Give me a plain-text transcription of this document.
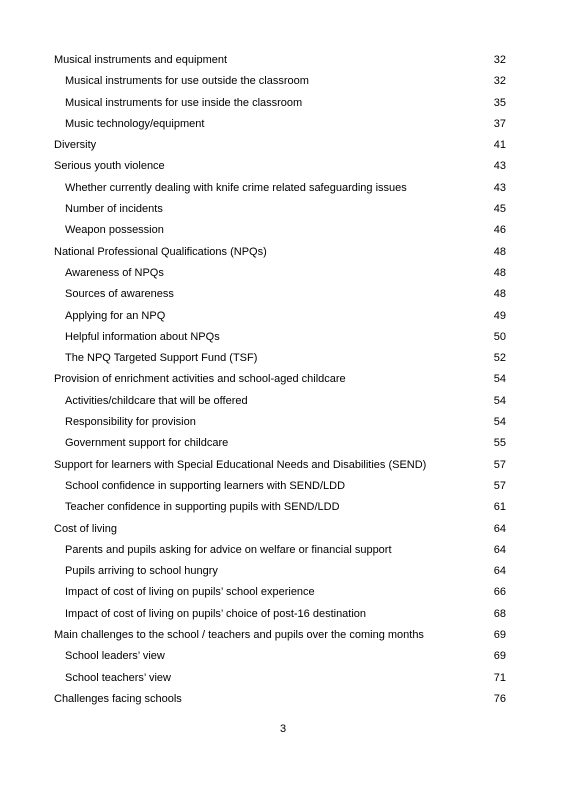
Musical instruments and equipment	32
Musical instruments for use outside the classroom	32
Musical instruments for use inside the classroom	35
Music technology/equipment	37
Diversity	41
Serious youth violence	43
Whether currently dealing with knife crime related safeguarding issues	43
Number of incidents	45
Weapon possession	46
National Professional Qualifications (NPQs)	48
Awareness of NPQs	48
Sources of awareness	48
Applying for an NPQ	49
Helpful information about NPQs	50
The NPQ Targeted Support Fund (TSF)	52
Provision of enrichment activities and school-aged childcare	54
Activities/childcare that will be offered	54
Responsibility for provision	54
Government support for childcare	55
Support for learners with Special Educational Needs and Disabilities (SEND)	57
School confidence in supporting learners with SEND/LDD	57
Teacher confidence in supporting pupils with SEND/LDD	61
Cost of living	64
Parents and pupils asking for advice on welfare or financial support	64
Pupils arriving to school hungry	64
Impact of cost of living on pupils’ school experience	66
Impact of cost of living on pupils’ choice of post-16 destination	68
Main challenges to the school / teachers and pupils over the coming months	69
School leaders’ view	69
School teachers’ view	71
Challenges facing schools	76
3
